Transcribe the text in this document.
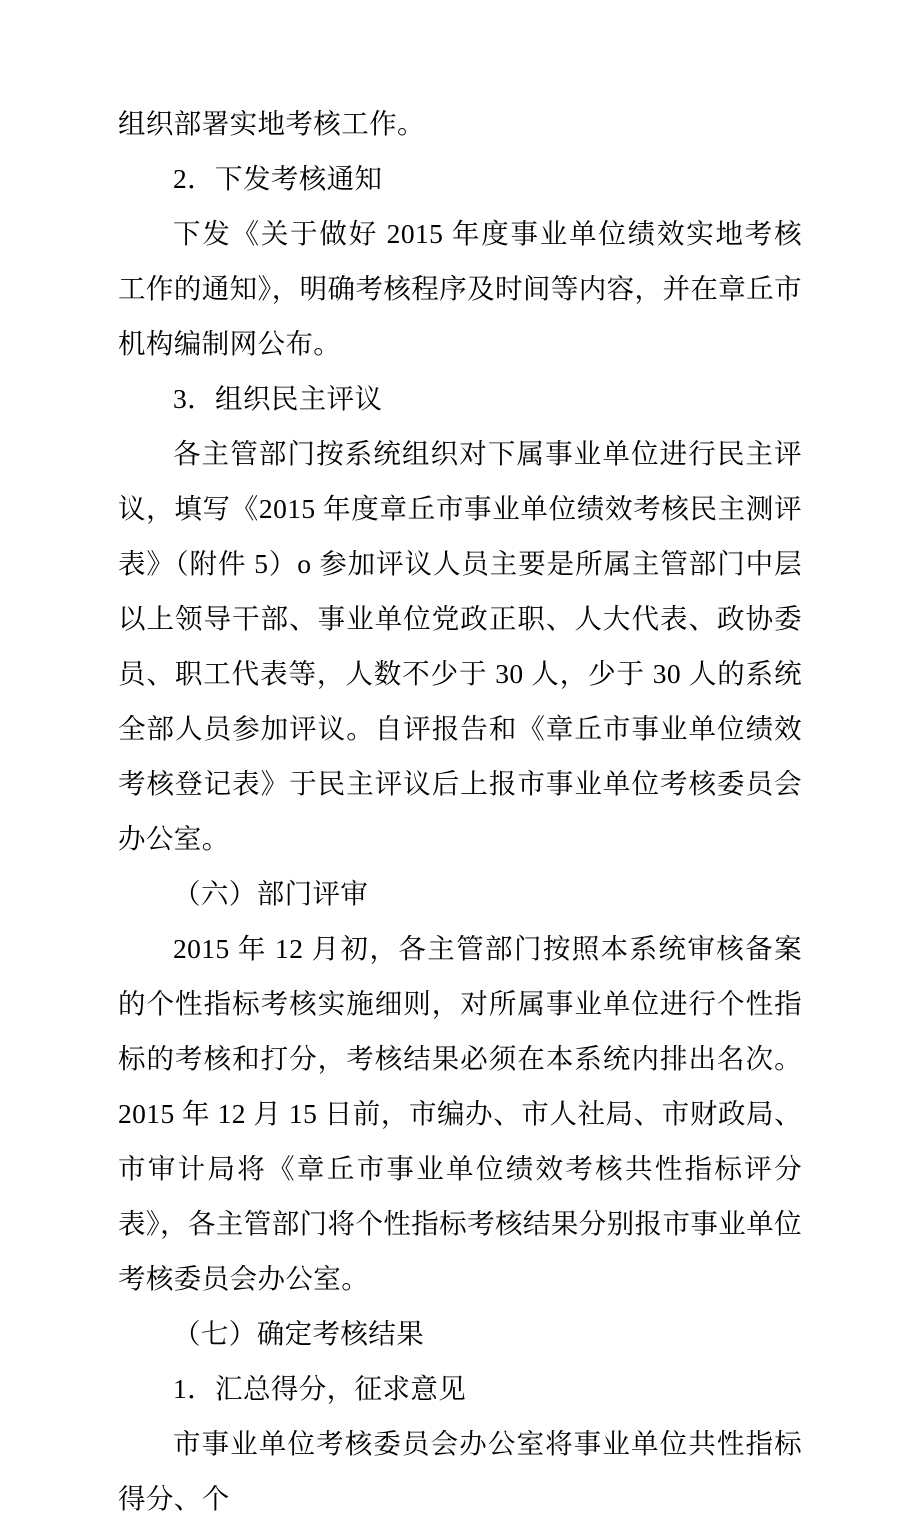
组织部署实地考核工作。

2．下发考核通知

下发《关于做好 2015 年度事业单位绩效实地考核工作的通知》，明确考核程序及时间等内容，并在章丘市机构编制网公布。

3．组织民主评议

各主管部门按系统组织对下属事业单位进行民主评议，填写《2015 年度章丘市事业单位绩效考核民主测评表》（附件 5）o 参加评议人员主要是所属主管部门中层以上领导干部、事业单位党政正职、人大代表、政协委员、职工代表等，人数不少于 30 人，少于 30 人的系统全部人员参加评议。自评报告和《章丘市事业单位绩效考核登记表》于民主评议后上报市事业单位考核委员会办公室。

（六）部门评审

2015 年 12 月初，各主管部门按照本系统审核备案的个性指标考核实施细则，对所属事业单位进行个性指标的考核和打分，考核结果必须在本系统内排出名次。2015 年 12 月 15 日前，市编办、市人社局、市财政局、市审计局将《章丘市事业单位绩效考核共性指标评分表》，各主管部门将个性指标考核结果分别报市事业单位考核委员会办公室。

（七）确定考核结果

1．汇总得分，征求意见

市事业单位考核委员会办公室将事业单位共性指标得分、个
